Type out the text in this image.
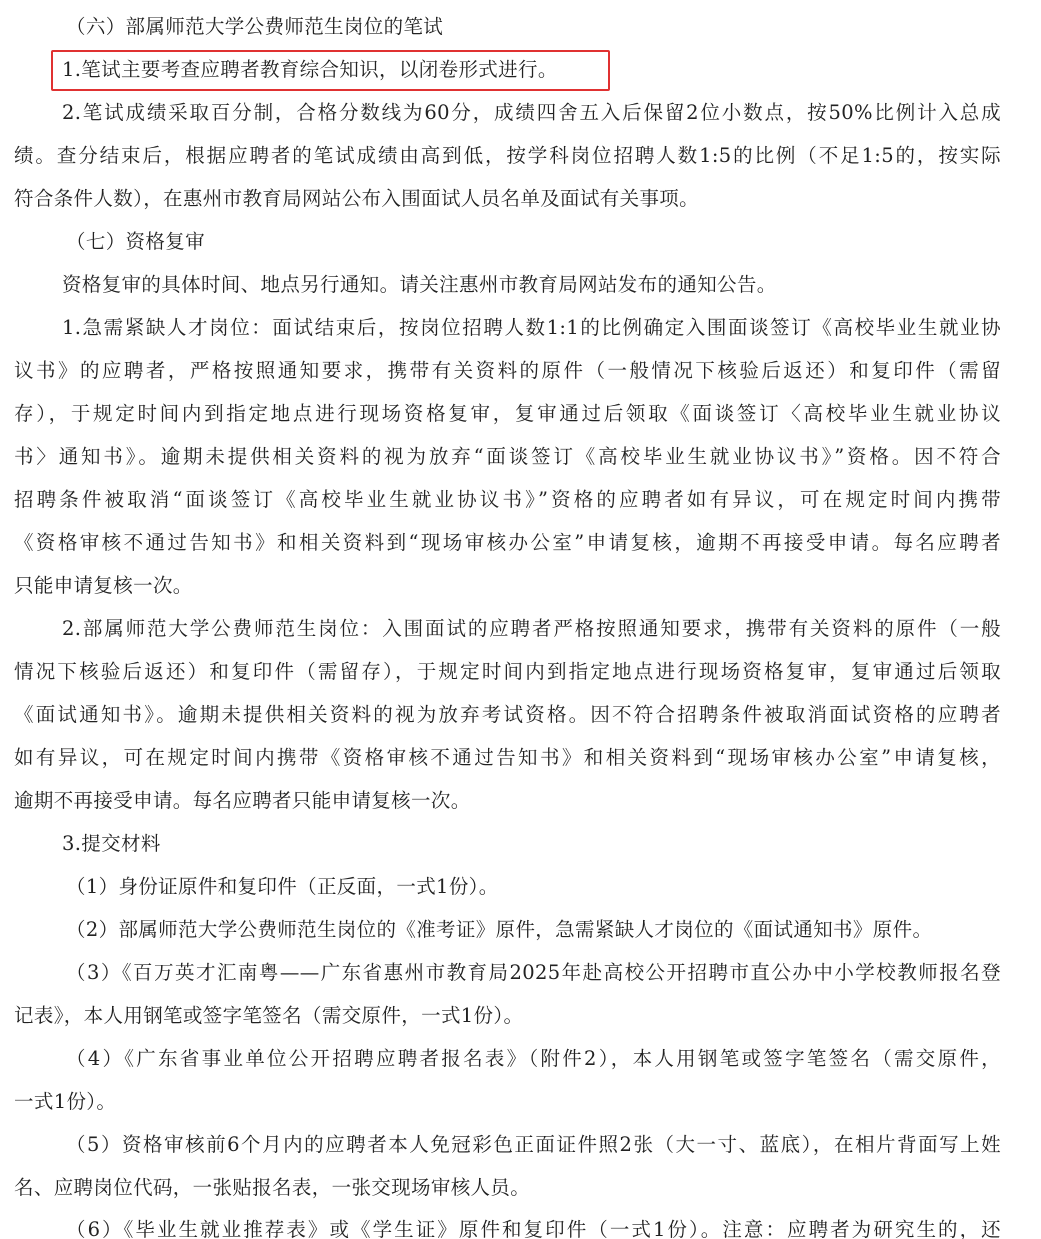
（六）部属师范大学公费师范生岗位的笔试
1.笔试主要考查应聘者教育综合知识，以闭卷形式进行。
2.笔试成绩采取百分制，合格分数线为60分，成绩四舍五入后保留2位小数点，按50%比例计入总成
绩。查分结束后，根据应聘者的笔试成绩由高到低，按学科岗位招聘人数1:5的比例（不足1:5的，按实际
符合条件人数），在惠州市教育局网站公布入围面试人员名单及面试有关事项。
（七）资格复审
资格复审的具体时间、地点另行通知。请关注惠州市教育局网站发布的通知公告。
1.急需紧缺人才岗位：面试结束后，按岗位招聘人数1:1的比例确定入围面谈签订《高校毕业生就业协
议书》的应聘者，严格按照通知要求，携带有关资料的原件（一般情况下核验后返还）和复印件（需留
存），于规定时间内到指定地点进行现场资格复审，复审通过后领取《面谈签订〈高校毕业生就业协议
书〉通知书》。逾期未提供相关资料的视为放弃“面谈签订《高校毕业生就业协议书》”资格。因不符合
招聘条件被取消“面谈签订《高校毕业生就业协议书》”资格的应聘者如有异议，可在规定时间内携带
《资格审核不通过告知书》和相关资料到“现场审核办公室”申请复核，逾期不再接受申请。每名应聘者
只能申请复核一次。
2.部属师范大学公费师范生岗位：入围面试的应聘者严格按照通知要求，携带有关资料的原件（一般
情况下核验后返还）和复印件（需留存），于规定时间内到指定地点进行现场资格复审，复审通过后领取
《面试通知书》。逾期未提供相关资料的视为放弃考试资格。因不符合招聘条件被取消面试资格的应聘者
如有异议，可在规定时间内携带《资格审核不通过告知书》和相关资料到“现场审核办公室”申请复核，
逾期不再接受申请。每名应聘者只能申请复核一次。
3.提交材料
（1）身份证原件和复印件（正反面，一式1份）。
（2）部属师范大学公费师范生岗位的《准考证》原件，急需紧缺人才岗位的《面试通知书》原件。
（3）《百万英才汇南粤——广东省惠州市教育局2025年赴高校公开招聘市直公办中小学校教师报名登
记表》，本人用钢笔或签字笔签名（需交原件，一式1份）。
（4）《广东省事业单位公开招聘应聘者报名表》（附件2），本人用钢笔或签字笔签名（需交原件，
一式1份）。
（5）资格审核前6个月内的应聘者本人免冠彩色正面证件照2张（大一寸、蓝底），在相片背面写上姓
名、应聘岗位代码，一张贴报名表，一张交现场审核人员。
（6）《毕业生就业推荐表》或《学生证》原件和复印件（一式1份）。注意：应聘者为研究生的，还
